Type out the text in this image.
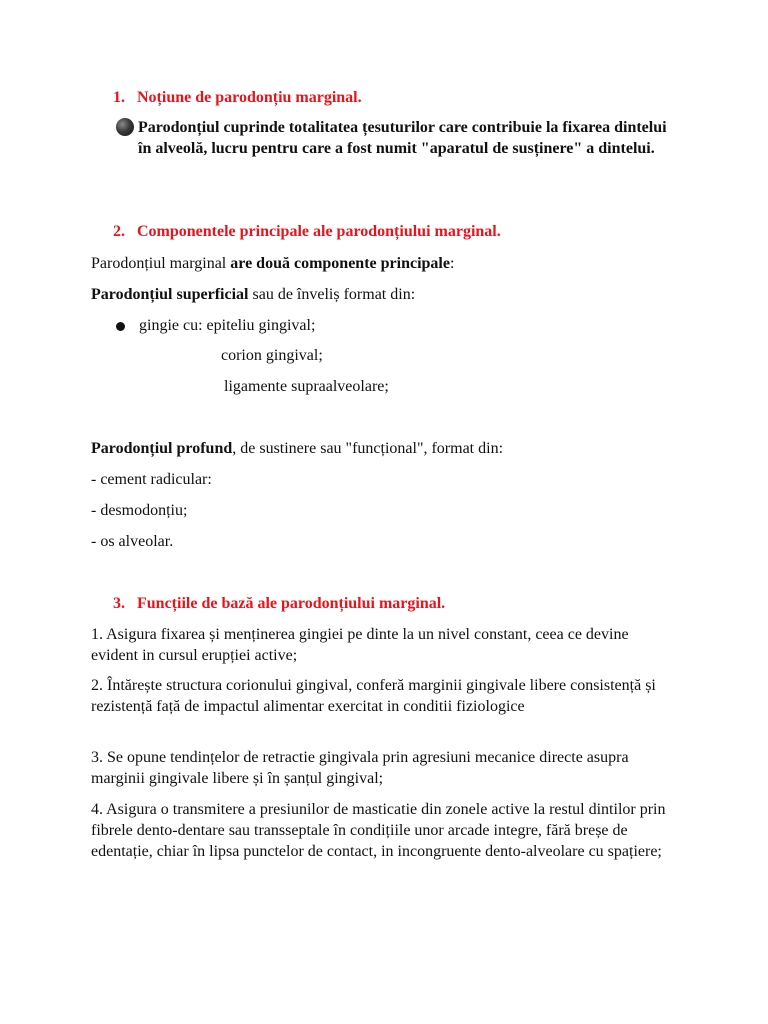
1. Noțiune de parodonțiu marginal.
Parodonțiul cuprinde totalitatea țesuturilor care contribuie la fixarea dintelui în alveolă, lucru pentru care a fost numit "aparatul de susținere" a dintelui.
2. Componentele principale ale parodonțiului marginal.
Parodonțiul marginal are două componente principale:
Parodonțiul superficial sau de înveliș format din:
gingie cu: epiteliu gingival;
corion gingival;
ligamente supraalveolare;
Parodonțiul profund, de sustinere sau "funcțional", format din:
- cement radicular:
- desmodonțiu;
- os alveolar.
3. Funcțiile de bază ale parodonțiului marginal.
1. Asigura fixarea și menținerea gingiei pe dinte la un nivel constant, ceea ce devine evident in cursul erupției active;
2. Întărește structura corionului gingival, conferă marginii gingivale libere consistență și rezistență față de impactul alimentar exercitat in conditii fiziologice
3. Se opune tendințelor de retractie gingivala prin agresiuni mecanice directe asupra marginii gingivale libere și în șanțul gingival;
4. Asigura o transmitere a presiunilor de masticatie din zonele active la restul dintilor prin fibrele dento-dentare sau transseptale în condițiile unor arcade integre, fără breșe de edentație, chiar în lipsa punctelor de contact, in incongruente dento-alveolare cu spațiere;
